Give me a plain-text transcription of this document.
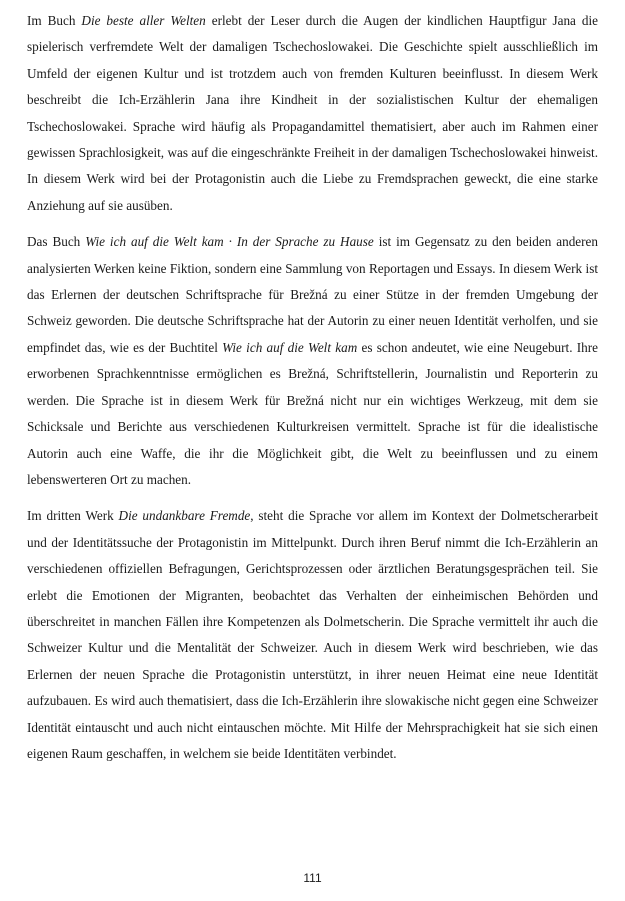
Im Buch Die beste aller Welten erlebt der Leser durch die Augen der kindlichen Hauptfigur Jana die spielerisch verfremdete Welt der damaligen Tschechoslowakei. Die Geschichte spielt ausschließlich im Umfeld der eigenen Kultur und ist trotzdem auch von fremden Kulturen beeinflusst. In diesem Werk beschreibt die Ich-Erzählerin Jana ihre Kindheit in der sozialistischen Kultur der ehemaligen Tschechoslowakei. Sprache wird häufig als Propagandamittel thematisiert, aber auch im Rahmen einer gewissen Sprachlosigkeit, was auf die eingeschränkte Freiheit in der damaligen Tschechoslowakei hinweist. In diesem Werk wird bei der Protagonistin auch die Liebe zu Fremdsprachen geweckt, die eine starke Anziehung auf sie ausüben.

Das Buch Wie ich auf die Welt kam · In der Sprache zu Hause ist im Gegensatz zu den beiden anderen analysierten Werken keine Fiktion, sondern eine Sammlung von Reportagen und Essays. In diesem Werk ist das Erlernen der deutschen Schriftsprache für Brežná zu einer Stütze in der fremden Umgebung der Schweiz geworden. Die deutsche Schriftsprache hat der Autorin zu einer neuen Identität verholfen, und sie empfindet das, wie es der Buchtitel Wie ich auf die Welt kam es schon andeutet, wie eine Neugeburt. Ihre erworbenen Sprachkenntnisse ermöglichen es Brežná, Schriftstellerin, Journalistin und Reporterin zu werden. Die Sprache ist in diesem Werk für Brežná nicht nur ein wichtiges Werkzeug, mit dem sie Schicksale und Berichte aus verschiedenen Kulturkreisen vermittelt. Sprache ist für die idealistische Autorin auch eine Waffe, die ihr die Möglichkeit gibt, die Welt zu beeinflussen und zu einem lebenswerteren Ort zu machen.

Im dritten Werk Die undankbare Fremde, steht die Sprache vor allem im Kontext der Dolmetscherarbeit und der Identitätssuche der Protagonistin im Mittelpunkt. Durch ihren Beruf nimmt die Ich-Erzählerin an verschiedenen offiziellen Befragungen, Gerichtsprozessen oder ärztlichen Beratungsgesprächen teil. Sie erlebt die Emotionen der Migranten, beobachtet das Verhalten der einheimischen Behörden und überschreitet in manchen Fällen ihre Kompetenzen als Dolmetscherin. Die Sprache vermittelt ihr auch die Schweizer Kultur und die Mentalität der Schweizer. Auch in diesem Werk wird beschrieben, wie das Erlernen der neuen Sprache die Protagonistin unterstützt, in ihrer neuen Heimat eine neue Identität aufzubauen. Es wird auch thematisiert, dass die Ich-Erzählerin ihre slowakische nicht gegen eine Schweizer Identität eintauscht und auch nicht eintauschen möchte. Mit Hilfe der Mehrsprachigkeit hat sie sich einen eigenen Raum geschaffen, in welchem sie beide Identitäten verbindet.

111
